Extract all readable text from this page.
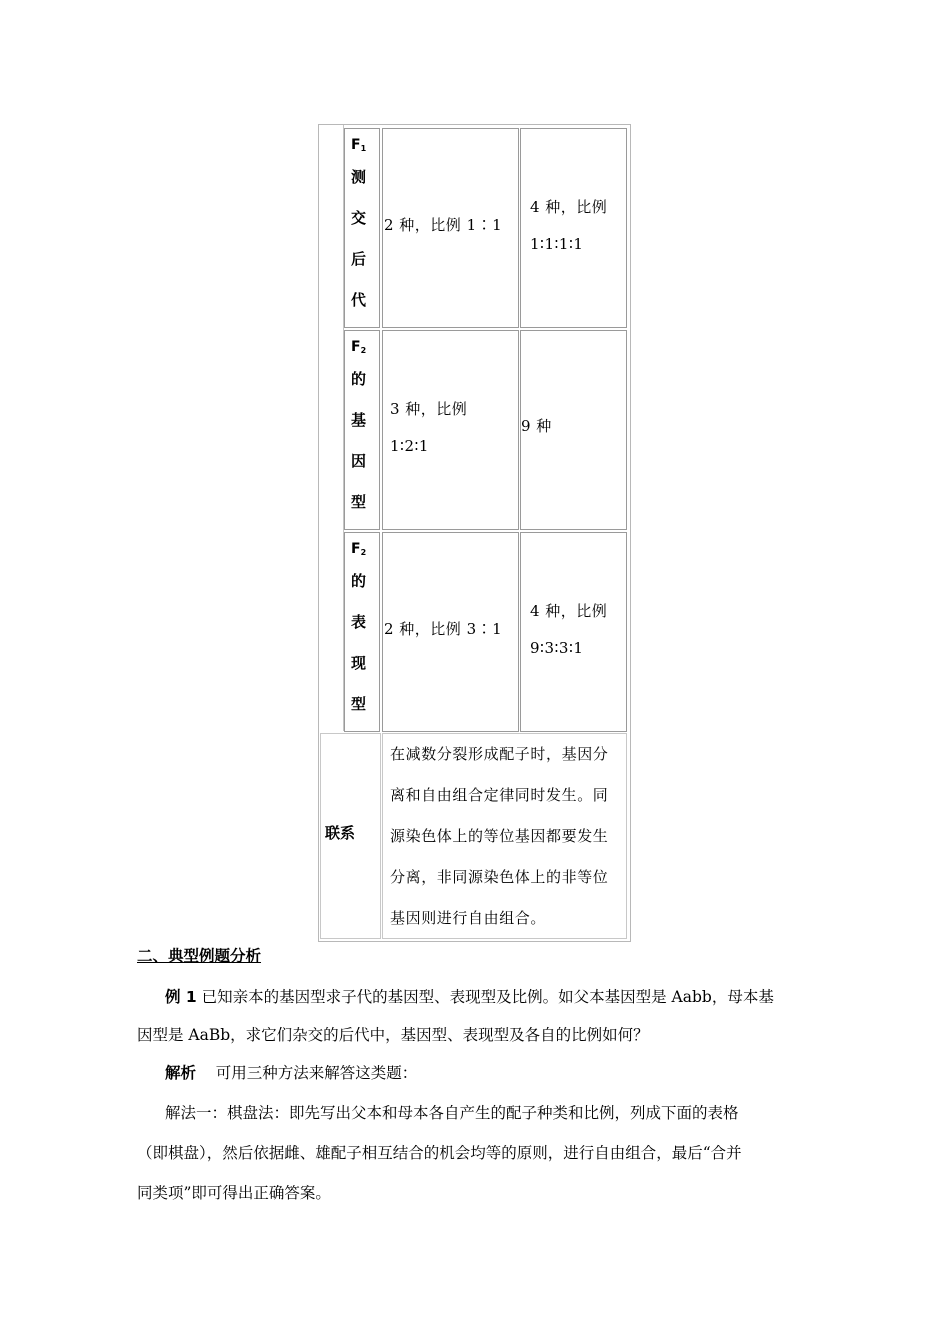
$F_1$
测
交
后
代
2 种，比例 1∶1
4 种，比例
1∶1∶1∶1
$F_2$
的
基
因
型
3 种，比例
1∶2∶1
9 种
$F_2$
的
表
现
型
2 种，比例 3∶1
4 种，比例
9∶3∶3∶1
联系
在减数分裂形成配子时，基因分
离和自由组合定律同时发生。同
源染色体上的等位基因都要发生
分离，非同源染色体上的非等位
基因则进行自由组合。
二、典型例题分析
例 1 已知亲本的基因型求子代的基因型、表现型及比例。如父本基因型是 Aabb，母本基
因型是 AaBb，求它们杂交的后代中，基因型、表现型及各自的比例如何？
解析 可用三种方法来解答这类题：
解法一：棋盘法：即先写出父本和母本各自产生的配子种类和比例，列成下面的表格
（即棋盘），然后依据雌、雄配子相互结合的机会均等的原则，进行自由组合，最后“合并
同类项”即可得出正确答案。
